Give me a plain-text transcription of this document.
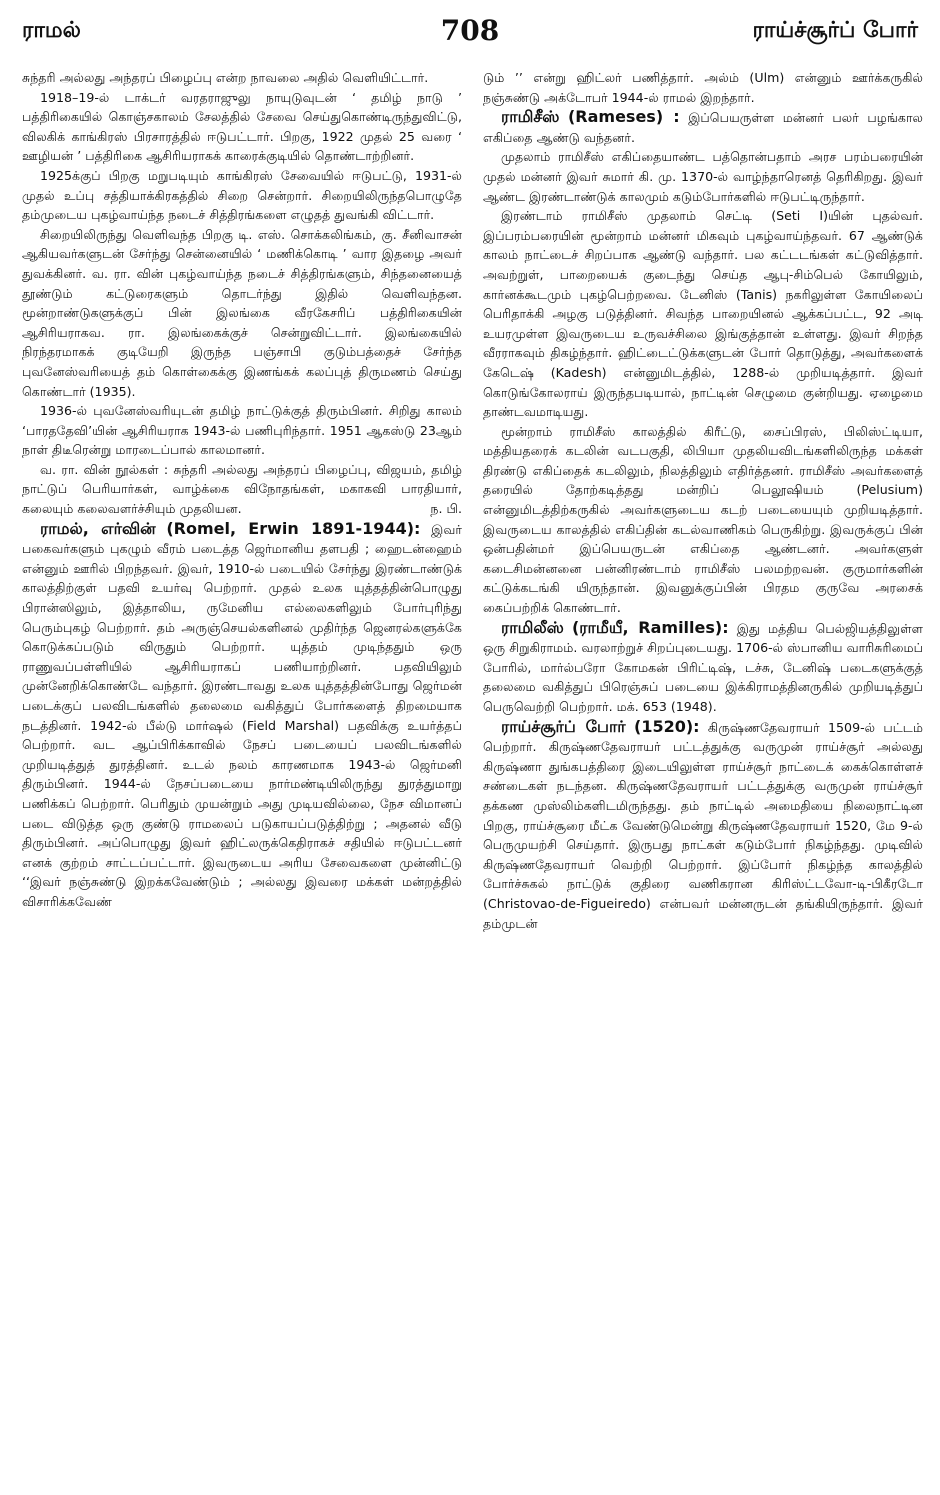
ராமல்	708	ராய்ச்சூர்ப் போர்

சுந்தரி அல்லது அந்தரப் பிழைப்பு என்ற நாவலை அதில் வெளியிட்டார்.

1918–19-ல் டாக்டர் வரதராஜுலு நாயுடுவுடன் ‘ தமிழ் நாடு ’ பத்திரிகையில் கொஞ்சகாலம் சேலத்தில் சேவை செய்துகொண்டிருந்துவிட்டு, விலகிக் காங்கிரஸ் பிரசாரத்தில் ஈடுபட்டார். பிறகு, 1922 முதல் 25 வரை ‘ ஊழியன் ’ பத்திரிகை ஆசிரியராகக் காரைக்குடியில் தொண்டாற்றினர்.

1925க்குப் பிறகு மறுபடியும் காங்கிரஸ் சேவையில் ஈடுபட்டு, 1931-ல் முதல் உப்பு சத்தியாக்கிரகத்தில் சிறை சென்றார். சிறையிலிருந்தபொழுதே தம்முடைய புகழ்வாய்ந்த நடைச் சித்திரங்களை எழுதத் துவங்கி விட்டார்.

சிறையிலிருந்து வெளிவந்த பிறகு டி. எஸ். சொக்கலிங்கம், கு. சீனிவாசன் ஆகியவர்களுடன் சேர்ந்து சென்னையில் ‘ மணிக்கொடி ’ வார இதழை அவர் துவக்கினர். வ. ரா. வின் புகழ்வாய்ந்த நடைச் சித்திரங்களும், சிந்தனையைத் தூண்டும் கட்டுரைகளும் தொடர்ந்து இதில் வெளிவந்தன. மூன்றாண்டுகளுக்குப் பின் இலங்கை வீரகேசரிப் பத்திரிகையின் ஆசிரியராகவ. ரா. இலங்கைக்குச் சென்றுவிட்டார். இலங்கையில் நிரந்தரமாகக் குடியேறி இருந்த பஞ்சாபி குடும்பத்தைச் சேர்ந்த புவனேஸ்வரியைத் தம் கொள்கைக்கு இணங்கக் கலப்புத் திருமணம் செய்து கொண்டார் (1935).

1936-ல் புவனேஸ்வரியுடன் தமிழ் நாட்டுக்குத் திரும்பினர். சிறிது காலம் ‘பாரததேவி’யின் ஆசிரியராக 1943-ல் பணிபுரிந்தார். 1951 ஆகஸ்டு 23ஆம் நாள் திடீரென்று மாரடைப்பால் காலமானர்.

வ. ரா. வின் நூல்கள் : சுந்தரி அல்லது அந்தரப் பிழைப்பு, விஜயம், தமிழ் நாட்டுப் பெரியார்கள், வாழ்க்கை விநோதங்கள், மகாகவி பாரதியார், கலையும் கலைவளர்ச்சியும் முதலியன.	ந. பி.

ராமல், எர்வின் (Romel, Erwin 1891-1944): இவர் பகைவர்களும் புகழும் வீரம் படைத்த ஜெர்மானிய தளபதி ; ஹைடன்ஹைம் என்னும் ஊரில் பிறந்தவர். இவர், 1910-ல் படையில் சேர்ந்து இரண்டாண்டுக் காலத்திற்குள் பதவி உயர்வு பெற்றார். முதல் உலக யுத்தத்தின்பொழுது பிரான்ஸிலும், இத்தாலிய, ருமேனிய எல்லைகளிலும் போர்புரிந்து பெரும்புகழ் பெற்றார். தம் அருஞ்செயல்களினல் முதிர்ந்த ஜெனரல்களுக்கே கொடுக்கப்படும் விருதும் பெற்றார். யுத்தம் முடிந்ததும் ஒரு ராணுவப்பள்ளியில் ஆசிரியராகப் பணியாற்றினர். பதவியிலும் முன்னேறிக்கொண்டே வந்தார். இரண்டாவது உலக யுத்தத்தின்போது ஜெர்மன் படைக்குப் பலவிடங்களில் தலைமை வகித்துப் போர்களைத் திறமையாக நடத்தினர். 1942-ல் பீல்டு மார்ஷல் (Field Marshal) பதவிக்கு உயர்த்தப் பெற்றார். வட ஆப்பிரிக்காவில் நேசப் படையைப் பலவிடங்களில் முறியடித்துத் துரத்தினர். உடல் நலம் காரணமாக 1943-ல் ஜெர்மனி திரும்பினர். 1944-ல் நேசப்படையை நார்மண்டியிலிருந்து துரத்துமாறு பணிக்கப் பெற்றார். பெரிதும் முயன்றும் அது முடியவில்லை, நேச விமானப் படை விடுத்த ஒரு குண்டு ராமலைப் படுகாயப்படுத்திற்று ; அதனல் வீடு திரும்பினர். அப்பொழுது இவர் ஹிட்லருக்கெதிராகச் சதியில் ஈடுபட்டனர் எனக் குற்றம் சாட்டப்பட்டார். இவருடைய அரிய சேவைகளை முன்னிட்டு ‘‘இவர் நஞ்சுண்டு இறக்கவேண்டும் ; அல்லது இவரை மக்கள் மன்றத்தில் விசாரிக்கவேண்

டும் ’’ என்று ஹிட்லர் பணித்தார். அல்ம் (Ulm) என்னும் ஊர்க்கருகில் நஞ்சுண்டு அக்டோபர் 1944-ல் ராமல் இறந்தார்.

ராமிசீஸ் (Rameses) : இப்பெயருள்ள மன்னர் பலர் பழங்கால எகிப்தை ஆண்டு வந்தனர்.

முதலாம் ராமிசீஸ் எகிப்தையாண்ட பத்தொன்பதாம் அரச பரம்பரையின் முதல் மன்னர் இவர் சுமார் கி. மு. 1370-ல் வாழ்ந்தாரெனத் தெரிகிறது. இவர் ஆண்ட இரண்டாண்டுக் காலமும் கடும்போர்களில் ஈடுபட்டிருந்தார்.

இரண்டாம் ராமிசீஸ் முதலாம் செட்டி (Seti I)யின் புதல்வர். இப்பரம்பரையின் மூன்றாம் மன்னர் மிகவும் புகழ்வாய்ந்தவர். 67 ஆண்டுக் காலம் நாட்டைச் சிறப்பாக ஆண்டு வந்தார். பல கட்டடங்கள் கட்டுவித்தார். அவற்றுள், பாறையைக் குடைந்து செய்த ஆபு-சிம்பெல் கோயிலும், கார்னக்கூடமும் புகழ்பெற்றவை. டேனிஸ் (Tanis) நகரிலுள்ள கோயிலைப் பெரிதாக்கி அழகு படுத்தினர். சிவந்த பாறையினல் ஆக்கப்பட்ட, 92 அடி உயரமுள்ள இவருடைய உருவச்சிலை இங்குத்தான் உள்ளது. இவர் சிறந்த வீரராகவும் திகழ்ந்தார். ஹிட்டைட்டுக்களுடன் போர் தொடுத்து, அவர்களைக் கேடெஷ் (Kadesh) என்னுமிடத்தில், 1288-ல் முறியடித்தார். இவர் கொடுங்கோலராய் இருந்தபடியால், நாட்டின் செழுமை குன்றியது. ஏழைமை தாண்டவமாடியது.

மூன்றாம் ராமிசீஸ் காலத்தில் கிரீட்டு, சைப்பிரஸ், பிலிஸ்ட்டியா, மத்தியதரைக் கடலின் வடபகுதி, லிபியா முதலியவிடங்களிலிருந்த மக்கள் திரண்டு எகிப்தைக் கடலிலும், நிலத்திலும் எதிர்த்தனர். ராமிசீஸ் அவர்களைத் தரையில் தோற்கடித்தது மன்றிப் பெலூஷியம் (Pelusium) என்னுமிடத்திற்கருகில் அவர்களுடைய கடற் படையையும் முறியடித்தார். இவருடைய காலத்தில் எகிப்தின் கடல்வாணிகம் பெருகிற்று. இவருக்குப் பின் ஒன்பதின்மர் இப்பெயருடன் எகிப்தை ஆண்டனர். அவர்களுள் கடைசிமன்னனை பன்னிரண்டாம் ராமிசீஸ் பலமற்றவன். குருமார்களின் கட்டுக்கடங்கி யிருந்தான். இவனுக்குப்பின் பிரதம குருவே அரசைக் கைப்பற்றிக் கொண்டார்.

ராமிலீஸ் (ராமீயீ, Ramilles): இது மத்திய பெல்ஜியத்திலுள்ள ஒரு சிறுகிராமம். வரலாற்றுச் சிறப்புடையது. 1706-ல் ஸ்பானிய வாரிசுரிமைப் போரில், மார்ல்பரோ கோமகன் பிரிட்டிஷ், டச்சு, டேனிஷ் படைகளுக்குத் தலைமை வகித்துப் பிரெஞ்சுப் படையை இக்கிராமத்தினருகில் முறியடித்துப் பெருவெற்றி பெற்றார். மக். 653 (1948).

ராய்ச்சூர்ப் போர் (1520): கிருஷ்ணதேவராயர் 1509-ல் பட்டம் பெற்றார். கிருஷ்ணதேவராயர் பட்டத்துக்கு வருமுன் ராய்ச்சூர் அல்லது கிருஷ்ணா துங்கபத்திரை இடையிலுள்ள ராய்ச்சூர் நாட்டைக் கைக்கொள்ளச் சண்டைகள் நடந்தன. கிருஷ்ணதேவராயர் பட்டத்துக்கு வருமுன் ராய்ச்சூர் தக்கண முஸ்லிம்களிடமிருந்தது. தம் நாட்டில் அமைதியை நிலைநாட்டின பிறகு, ராய்ச்சூரை மீட்க வேண்டுமென்று கிருஷ்ணதேவராயர் 1520, மே 9-ல் பெருமுயற்சி செய்தார். இருபது நாட்கள் கடும்போர் நிகழ்ந்தது. முடிவில் கிருஷ்ணதேவராயர் வெற்றி பெற்றார். இப்போர் நிகழ்ந்த காலத்தில் போர்ச்சுகல் நாட்டுக் குதிரை வணிகரான கிரிஸ்ட்டவோ-டி-பிகீரடோ (Christovao-de-Figueiredo) என்பவர் மன்னருடன் தங்கியிருந்தார். இவர் தம்முடன்
